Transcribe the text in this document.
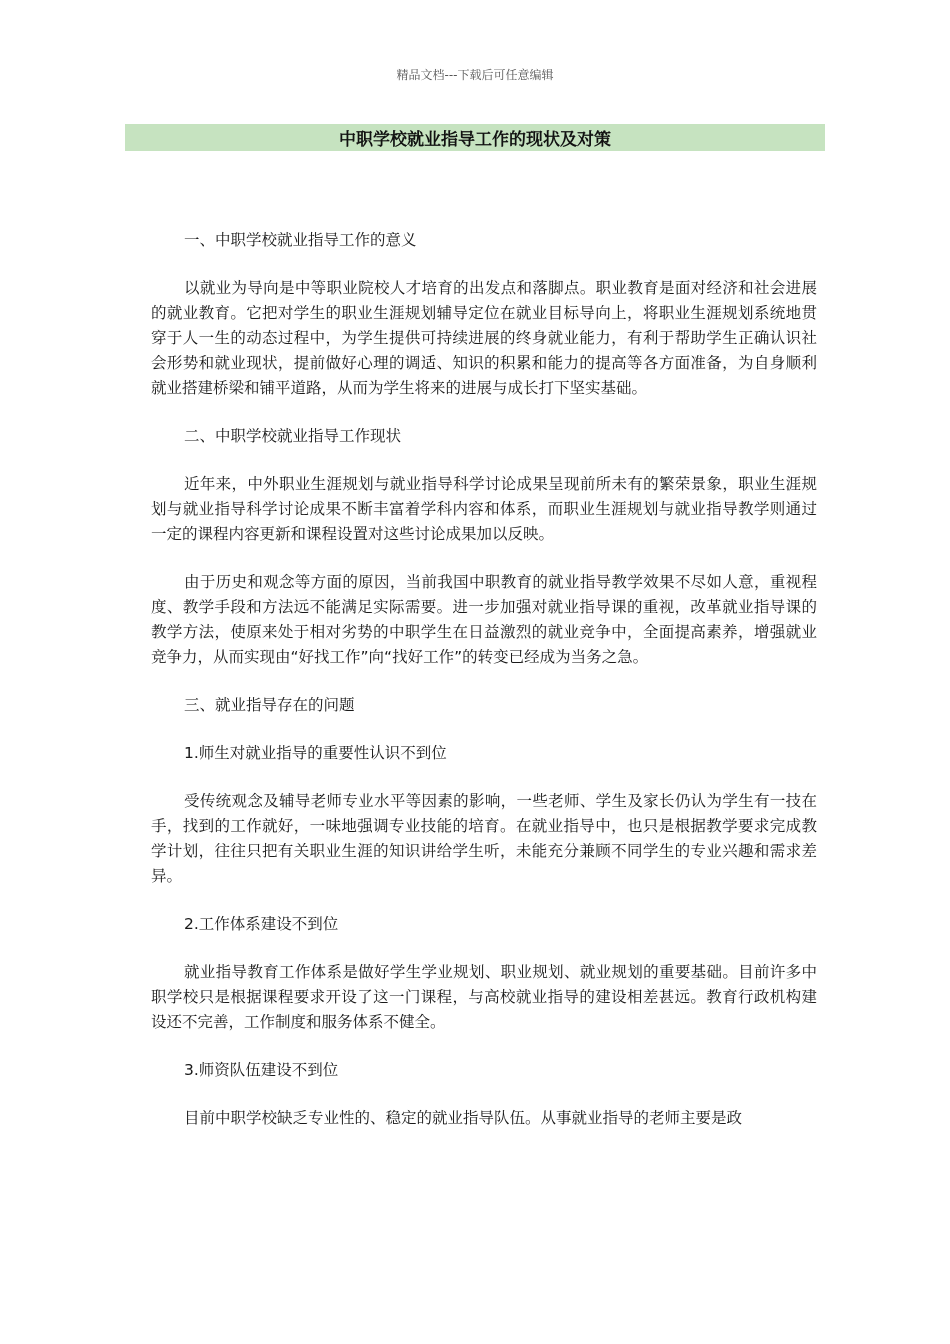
精品文档---下载后可任意编辑
中职学校就业指导工作的现状及对策

一、中职学校就业指导工作的意义

以就业为导向是中等职业院校人才培育的出发点和落脚点。职业教育是面对经济和社会进展的就业教育。它把对学生的职业生涯规划辅导定位在就业目标导向上，将职业生涯规划系统地贯穿于人一生的动态过程中，为学生提供可持续进展的终身就业能力，有利于帮助学生正确认识社会形势和就业现状，提前做好心理的调适、知识的积累和能力的提高等各方面准备，为自身顺利就业搭建桥梁和铺平道路，从而为学生将来的进展与成长打下坚实基础。

二、中职学校就业指导工作现状

近年来，中外职业生涯规划与就业指导科学讨论成果呈现前所未有的繁荣景象，职业生涯规划与就业指导科学讨论成果不断丰富着学科内容和体系，而职业生涯规划与就业指导教学则通过一定的课程内容更新和课程设置对这些讨论成果加以反映。

由于历史和观念等方面的原因，当前我国中职教育的就业指导教学效果不尽如人意，重视程度、教学手段和方法远不能满足实际需要。进一步加强对就业指导课的重视，改革就业指导课的教学方法，使原来处于相对劣势的中职学生在日益激烈的就业竞争中，全面提高素养，增强就业竞争力，从而实现由“好找工作”向“找好工作”的转变已经成为当务之急。

三、就业指导存在的问题

1.师生对就业指导的重要性认识不到位

受传统观念及辅导老师专业水平等因素的影响，一些老师、学生及家长仍认为学生有一技在手，找到的工作就好，一味地强调专业技能的培育。在就业指导中，也只是根据教学要求完成教学计划，往往只把有关职业生涯的知识讲给学生听，未能充分兼顾不同学生的专业兴趣和需求差异。

2.工作体系建设不到位

就业指导教育工作体系是做好学生学业规划、职业规划、就业规划的重要基础。目前许多中职学校只是根据课程要求开设了这一门课程，与高校就业指导的建设相差甚远。教育行政机构建设还不完善，工作制度和服务体系不健全。

3.师资队伍建设不到位

目前中职学校缺乏专业性的、稳定的就业指导队伍。从事就业指导的老师主要是政
